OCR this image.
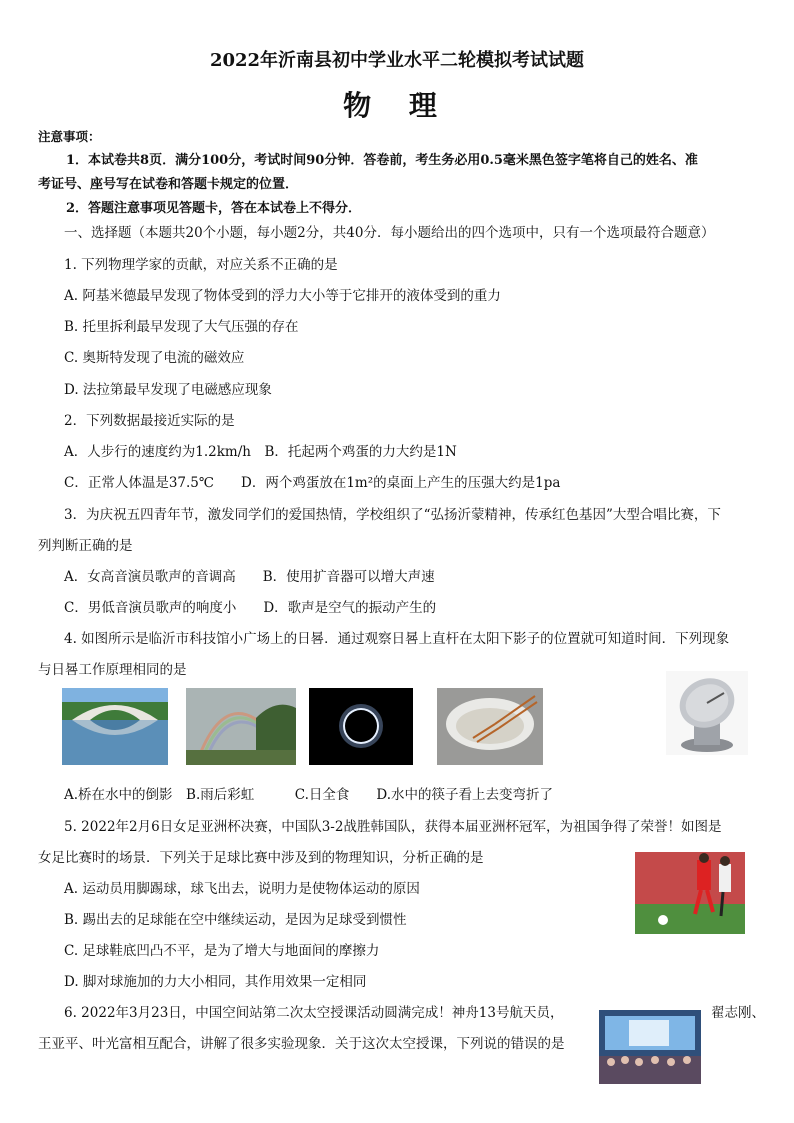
2022年沂南县初中学业水平二轮模拟考试试题
物 理
注意事项：
1．本试卷共8页．满分100分，考试时间90分钟．答卷前，考生务必用0.5毫米黑色签字笔将自己的姓名、准
考证号、座号写在试卷和答题卡规定的位置．
2．答题注意事项见答题卡，答在本试卷上不得分．
一、选择题（本题共20个小题，每小题2分，共40分．每小题给出的四个选项中，只有一个选项最符合题意）
1. 下列物理学家的贡献，对应关系不正确的是
A. 阿基米德最早发现了物体受到的浮力大小等于它排开的液体受到的重力
B. 托里拆利最早发现了大气压强的存在
C. 奥斯特发现了电流的磁效应
D. 法拉第最早发现了电磁感应现象
2．下列数据最接近实际的是
A．人步行的速度约为1.2km/h　B．托起两个鸡蛋的力大约是1N
C．正常人体温是37.5℃　　D．两个鸡蛋放在1m²的桌面上产生的压强大约是1pa
3．为庆祝五四青年节，激发同学们的爱国热情，学校组织了“弘扬沂蒙精神，传承红色基因”大型合唱比赛，下
列判断正确的是
A．女高音演员歌声的音调高　　B．使用扩音器可以增大声速
C．男低音演员歌声的响度小　　D．歌声是空气的振动产生的
4. 如图所示是临沂市科技馆小广场上的日晷．通过观察日晷上直杆在太阳下影子的位置就可知道时间．下列现象
与日晷工作原理相同的是
A.桥在水中的倒影　B.雨后彩虹　　　C.日全食　　D.水中的筷子看上去变弯折了
5. 2022年2月6日女足亚洲杯决赛，中国队3-2战胜韩国队，获得本届亚洲杯冠军，为祖国争得了荣誉！如图是
女足比赛时的场景．下列关于足球比赛中涉及到的物理知识，分析正确的是
A. 运动员用脚踢球，球飞出去，说明力是使物体运动的原因
B. 踢出去的足球能在空中继续运动，是因为足球受到惯性
C. 足球鞋底凹凸不平，是为了增大与地面间的摩擦力
D. 脚对球施加的力大小相同，其作用效果一定相同
6. 2022年3月23日，中国空间站第二次太空授课活动圆满完成！神舟13号航天员，	翟志刚、
王亚平、叶光富相互配合，讲解了很多实验现象．关于这次太空授课，下列说的错误的是
